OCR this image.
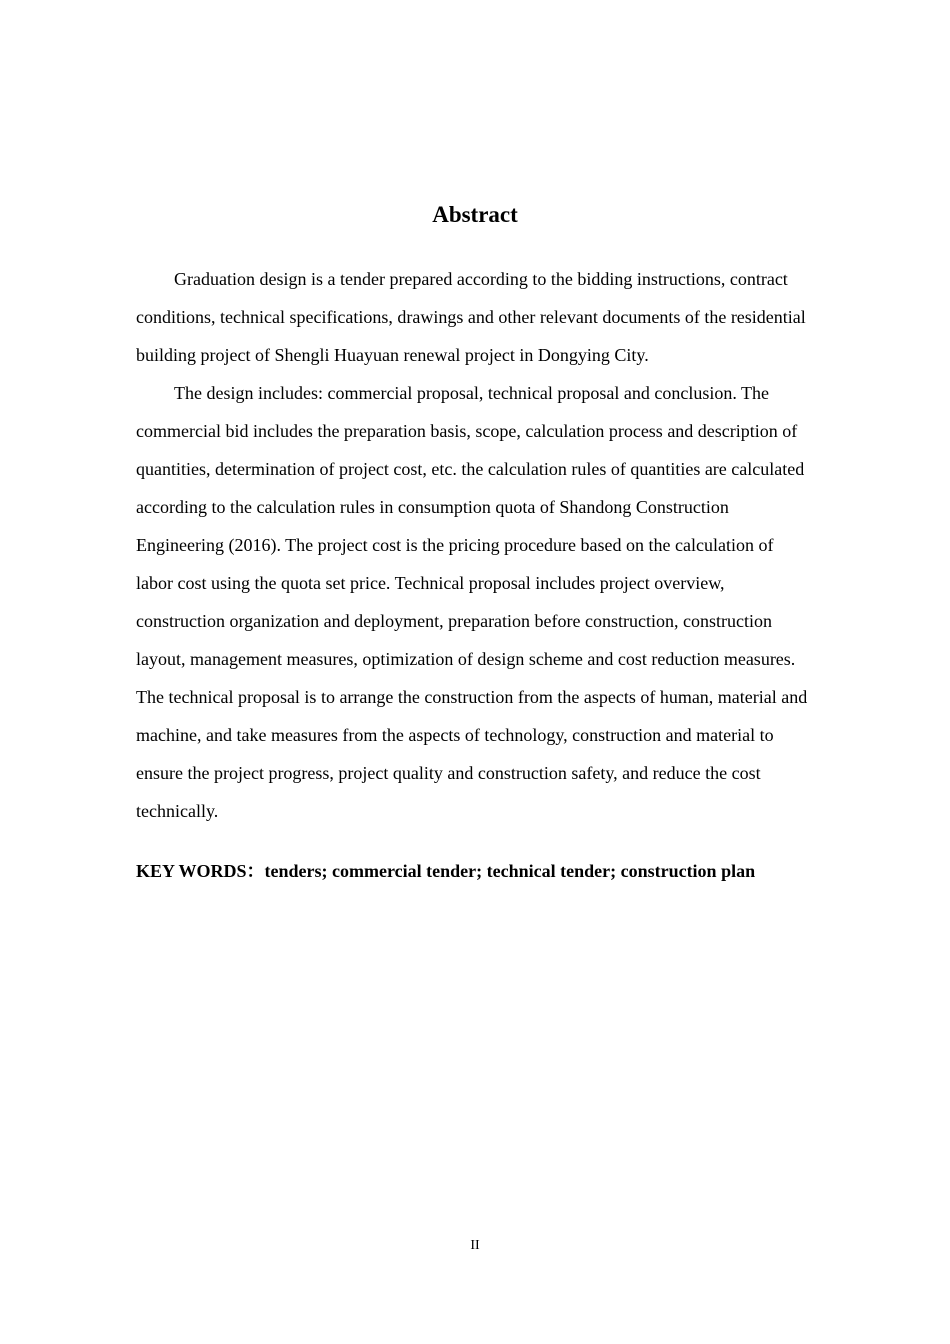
Abstract

Graduation design is a tender prepared according to the bidding instructions, contract conditions, technical specifications, drawings and other relevant documents of the residential building project of Shengli Huayuan renewal project in Dongying City.

The design includes: commercial proposal, technical proposal and conclusion. The commercial bid includes the preparation basis, scope, calculation process and description of quantities, determination of project cost, etc. the calculation rules of quantities are calculated according to the calculation rules in consumption quota of Shandong Construction Engineering (2016). The project cost is the pricing procedure based on the calculation of labor cost using the quota set price. Technical proposal includes project overview, construction organization and deployment, preparation before construction, construction layout, management measures, optimization of design scheme and cost reduction measures. The technical proposal is to arrange the construction from the aspects of human, material and machine, and take measures from the aspects of technology, construction and material to ensure the project progress, project quality and construction safety, and reduce the cost technically.

KEY WORDS：tenders; commercial tender; technical tender; construction plan
II
